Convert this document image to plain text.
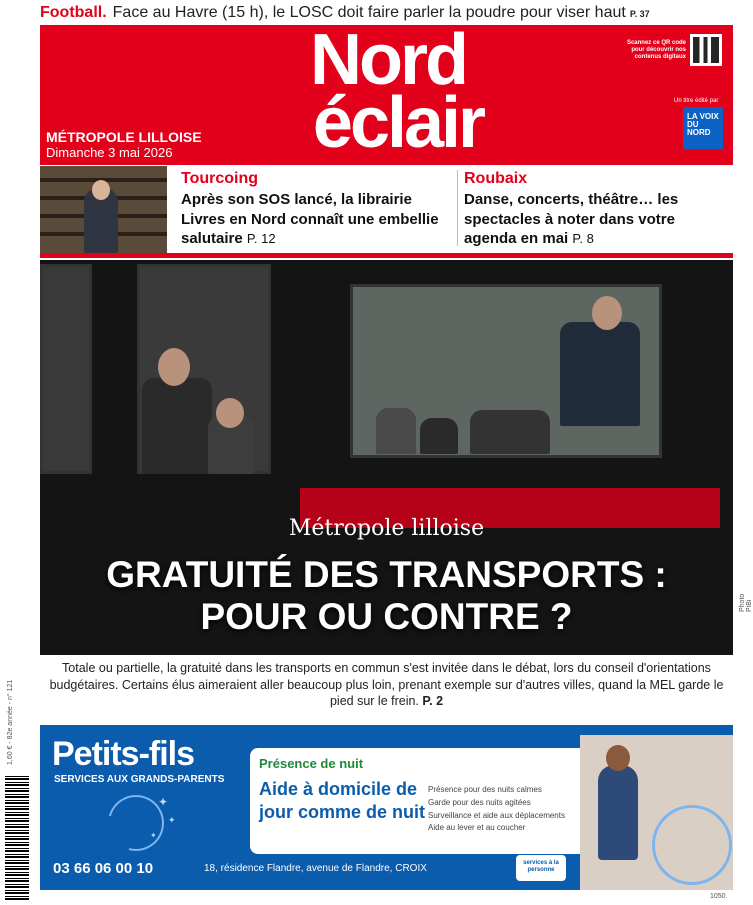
Football. Face au Havre (15 h), le LOSC doit faire parler la poudre pour viser haut P. 37
Nord
éclair
MÉTROPOLE LILLOISE
Dimanche 3 mai 2026
Scannez ce QR code pour découvrir nos contenus digitaux
Un titre édité par
LA VOIX DU NORD
Tourcoing
Après son SOS lancé, la librairie Livres en Nord connaît une embellie salutaire P. 12
Roubaix
Danse, concerts, théâtre… les spectacles à noter dans votre agenda en mai P. 8
Métropole lilloise
GRATUITÉ DES TRANSPORTS :
POUR OU CONTRE ?	Photo PiBi
Totale ou partielle, la gratuité dans les transports en commun s'est invitée dans le débat, lors du conseil d'orientations budgétaires. Certains élus aimeraient aller beaucoup plus loin, prenant exemple sur d'autres villes, quand la MEL garde le pied sur le frein. P. 2
1,60 € - 82e année - n° 121 Petits-fils
SERVICES AUX GRANDS-PARENTS
✦
✦
✦
03 66 06 00 10
Présence de nuit
Aide à domicile de jour comme de nuit
Présence pour des nuits calmes
Garde pour des nuits agitées
Surveillance et aide aux déplacements
Aide au lever et au coucher
18, résidence Flandre, avenue de Flandre, CROIX	services à la personne
1050.
